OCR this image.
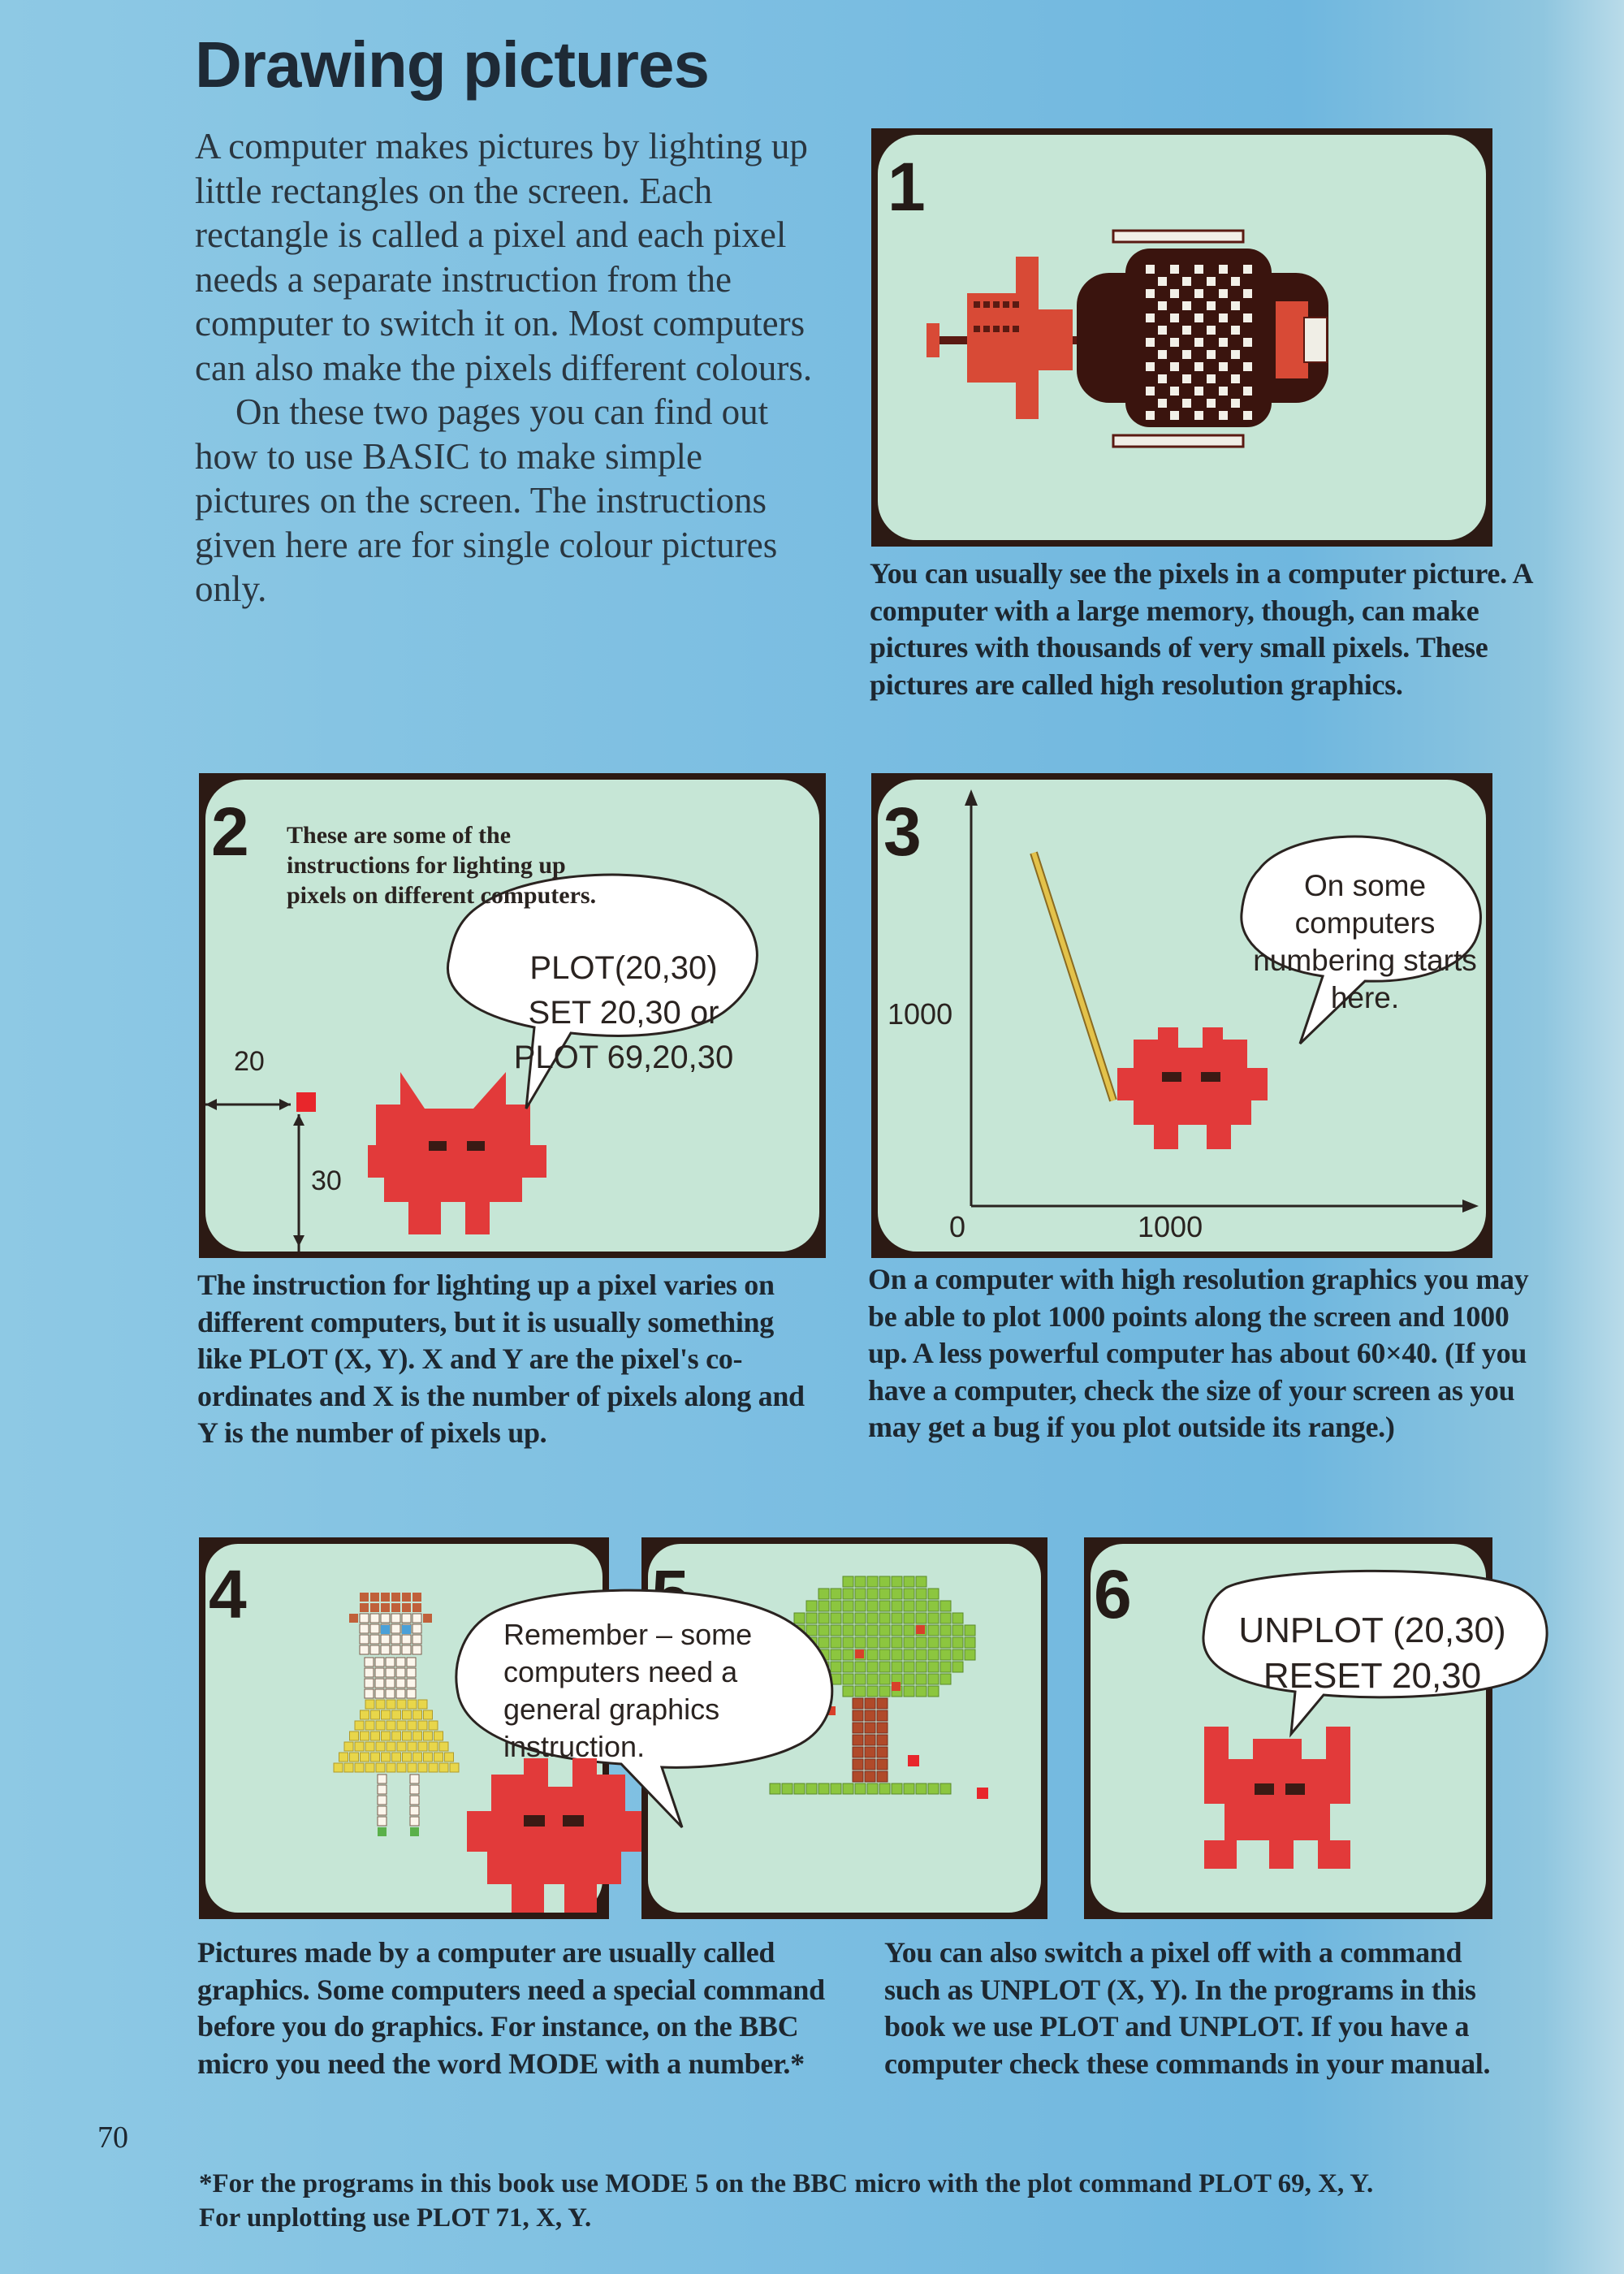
Drawing pictures

A computer makes pictures by lighting up little rectangles on the screen. Each rectangle is called a pixel and each pixel needs a separate instruction from the computer to switch it on. Most computers can also make the pixels different colours.

On these two pages you can find out how to use BASIC to make simple pictures on the screen. The instructions given here are for single colour pictures only.

1
You can usually see the pixels in a computer picture. A computer with a large memory, though, can make pictures with thousands of very small pixels. These pictures are called high resolution graphics.
These are some of the
instructions for lighting up
pixels on different computers.
PLOT(20,30)
SET 20,30 or
PLOT 69,20,30
20
30
2
The instruction for lighting up a pixel varies on different computers, but it is usually something like PLOT (X, Y). X and Y are the pixel's co-ordinates and X is the number of pixels along and Y is the number of pixels up.
On some
computers
numbering starts
here.
1000
1000
0
3
On a computer with high resolution graphics you may be able to plot 1000 points along the screen and 1000 up. A less powerful computer has about 60×40. (If you have a computer, check the size of your screen as you may get a bug if you plot outside its range.)
4
Remember – some
computers need a
general graphics
instruction.
6	UNPLOT (20,30)
RESET 20,30
Pictures made by a computer are usually called graphics. Some computers need a special command before you do graphics. For instance, on the BBC micro you need the word MODE with a number.*
You can also switch a pixel off with a command such as UNPLOT (X, Y). In the programs in this book we use PLOT and UNPLOT. If you have a computer check these commands in your manual.
70
*For the programs in this book use MODE 5 on the BBC micro with the plot command PLOT 69, X, Y.
For unplotting use PLOT 71, X, Y.
